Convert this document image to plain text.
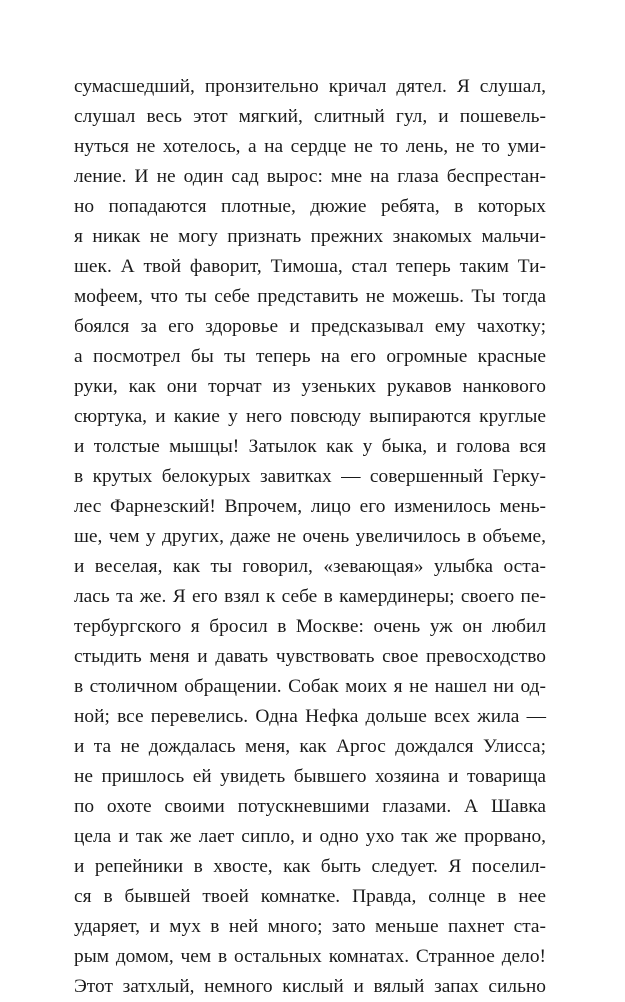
сумасшедший, пронзительно кричал дятел. Я слушал,
слушал весь этот мягкий, слитный гул, и пошевель-
нуться не хотелось, а на сердце не то лень, не то уми-
ление. И не один сад вырос: мне на глаза беспрестан-
но попадаются плотные, дюжие ребята, в которых
я никак не могу признать прежних знакомых мальчи-
шек. А твой фаворит, Тимоша, стал теперь таким Ти-
мофеем, что ты себе представить не можешь. Ты тогда
боялся за его здоровье и предсказывал ему чахотку;
а посмотрел бы ты теперь на его огромные красные
руки, как они торчат из узеньких рукавов нанкового
сюртука, и какие у него повсюду выпираются круглые
и толстые мышцы! Затылок как у быка, и голова вся
в крутых белокурых завитках — совершенный Герку-
лес Фарнезский! Впрочем, лицо его изменилось мень-
ше, чем у других, даже не очень увеличилось в объеме,
и веселая, как ты говорил, «зевающая» улыбка оста-
лась та же. Я его взял к себе в камердинеры; своего пе-
тербургского я бросил в Москве: очень уж он любил
стыдить меня и давать чувствовать свое превосходство
в столичном обращении. Собак моих я не нашел ни од-
ной; все перевелись. Одна Нефка дольше всех жила —
и та не дождалась меня, как Аргос дождался Улисса;
не пришлось ей увидеть бывшего хозяина и товарища
по охоте своими потускневшими глазами. А Шавка
цела и так же лает сипло, и одно ухо так же прорвано,
и репейники в хвосте, как быть следует. Я поселил-
ся в бывшей твоей комнатке. Правда, солнце в нее
ударяет, и мух в ней много; зато меньше пахнет ста-
рым домом, чем в остальных комнатах. Странное дело!
Этот затхлый, немного кислый и вялый запах сильно
